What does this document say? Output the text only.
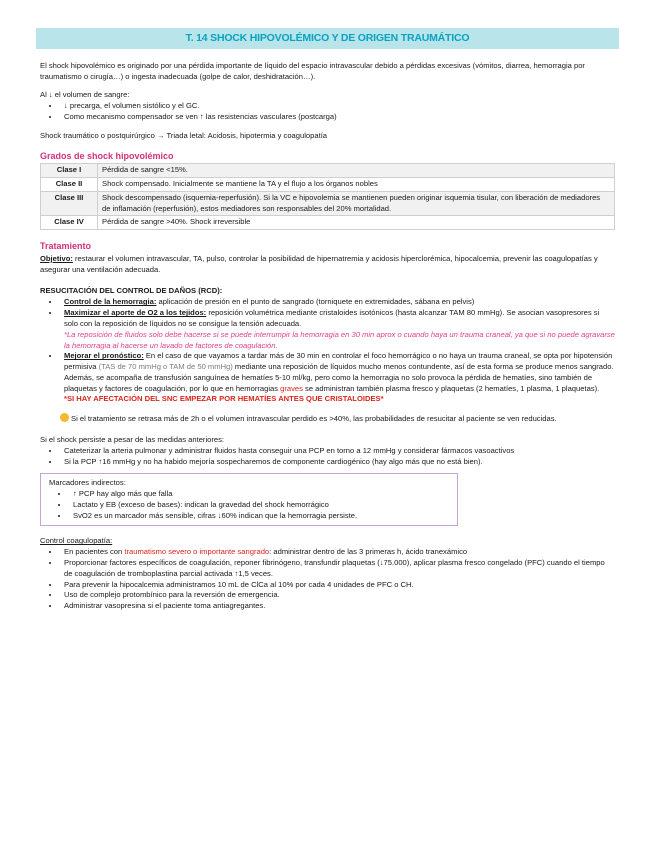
T. 14 SHOCK HIPOVOLÉMICO Y DE ORIGEN TRAUMÁTICO

El shock hipovolémico es originado por una pérdida importante de líquido del espacio intravascular debido a pérdidas excesivas (vómitos, diarrea, hemorragia por traumatismo o cirugía…) o ingesta inadecuada (golpe de calor, deshidratación…).

Al ↓ el volumen de sangre:
• ↓ precarga, el volumen sistólico y el GC.
• Como mecanismo compensador se ven ↑ las resistencias vasculares (postcarga)

Shock traumático o postquirúrgico → Triada letal: Acidosis, hipotermia y coagulopatía

Grados de shock hipovolémico
Clase I	Pérdida de sangre <15%.
Clase II	Shock compensado. Inicialmente se mantiene la TA y el flujo a los órganos nobles
Clase III	Shock descompensado (isquemia-reperfusión). Si la VC e hipovolemia se mantienen pueden originar isquemia tisular, con liberación de mediadores de inflamación (reperfusión), estos mediadores son responsables del 20% mortalidad.
Clase IV	Pérdida de sangre >40%. Shock irreversible
Tratamiento

Objetivo: restaurar el volumen intravascular, TA, pulso, controlar la posibilidad de hipernatremia y acidosis hiperclorémica, hipocalcemia, prevenir las coagulopatías y asegurar una ventilación adecuada.

RESUCITACIÓN DEL CONTROL DE DAÑOS (RCD):
• Control de la hemorragia: aplicación de presión en el punto de sangrado (torniquete en extremidades, sábana en pelvis)
• Maximizar el aporte de O2 a los tejidos: reposición volumétrica mediante cristaloides isotónicos (hasta alcanzar TAM 80 mmHg). Se asocian vasopresores si solo con la reposición de líquidos no se consigue la tensión adecuada.
*La reposición de fluidos solo debe hacerse si se puede interrumpir la hemorragia en 30 min aprox o cuando haya un trauma craneal, ya que si no puede agravarse la hemorragia al hacerse un lavado de factores de coagulación.
• Mejorar el pronóstico: En el caso de que vayamos a tardar más de 30 min en controlar el foco hemorrágico o no haya un trauma craneal, se opta por hipotensión permisiva (TAS de 70 mmHg o TAM de 50 mmHg) mediante una reposición de líquidos mucho menos contundente, así de esta forma se produce menos sangrado.
Además, se acompaña de transfusión sanguínea de hematíes 5-10 ml/kg, pero como la hemorragia no solo provoca la pérdida de hematíes, sino también de plaquetas y factores de coagulación, por lo que en hemorragias graves se administran también plasma fresco y plaquetas (2 hematíes, 1 plasma, 1 plaquetas).
*SI HAY AFECTACIÓN DEL SNC EMPEZAR POR HEMATÍES ANTES QUE CRISTALOIDES*

Si el tratamiento se retrasa más de 2h o el volumen intravascular perdido es >40%, las probabilidades de resucitar al paciente se ven reducidas.

Si el shock persiste a pesar de las medidas anteriores:
• Cateterizar la arteria pulmonar y administrar fluidos hasta conseguir una PCP en torno a 12 mmHg y considerar fármacos vasoactivos
• Si la PCP ↑16 mmHg y no ha habido mejoría sospecharemos de componente cardiogénico (hay algo más que no está bien).
Marcadores indirectos:
• ↑ PCP hay algo más que falla
• Lactato y EB (exceso de bases): indican la gravedad del shock hemorrágico
• SvO2 es un marcador más sensible, cifras ↓60% indican que la hemorragia persiste.
Control coagulopatía:
• En pacientes con traumatismo severo o importante sangrado: administrar dentro de las 3 primeras h, ácido tranexámico
• Proporcionar factores específicos de coagulación, reponer fibrinógeno, transfundir plaquetas (↓75.000), aplicar plasma fresco congelado (PFC) cuando el tiempo de coagulación de tromboplastina parcial activada ↑1,5 veces.
• Para prevenir la hipocalcemia administramos 10 mL de ClCa al 10% por cada 4 unidades de PFC o CH.
• Uso de complejo protombínico para la reversión de emergencia.
• Administrar vasopresina si el paciente toma antiagregantes.
